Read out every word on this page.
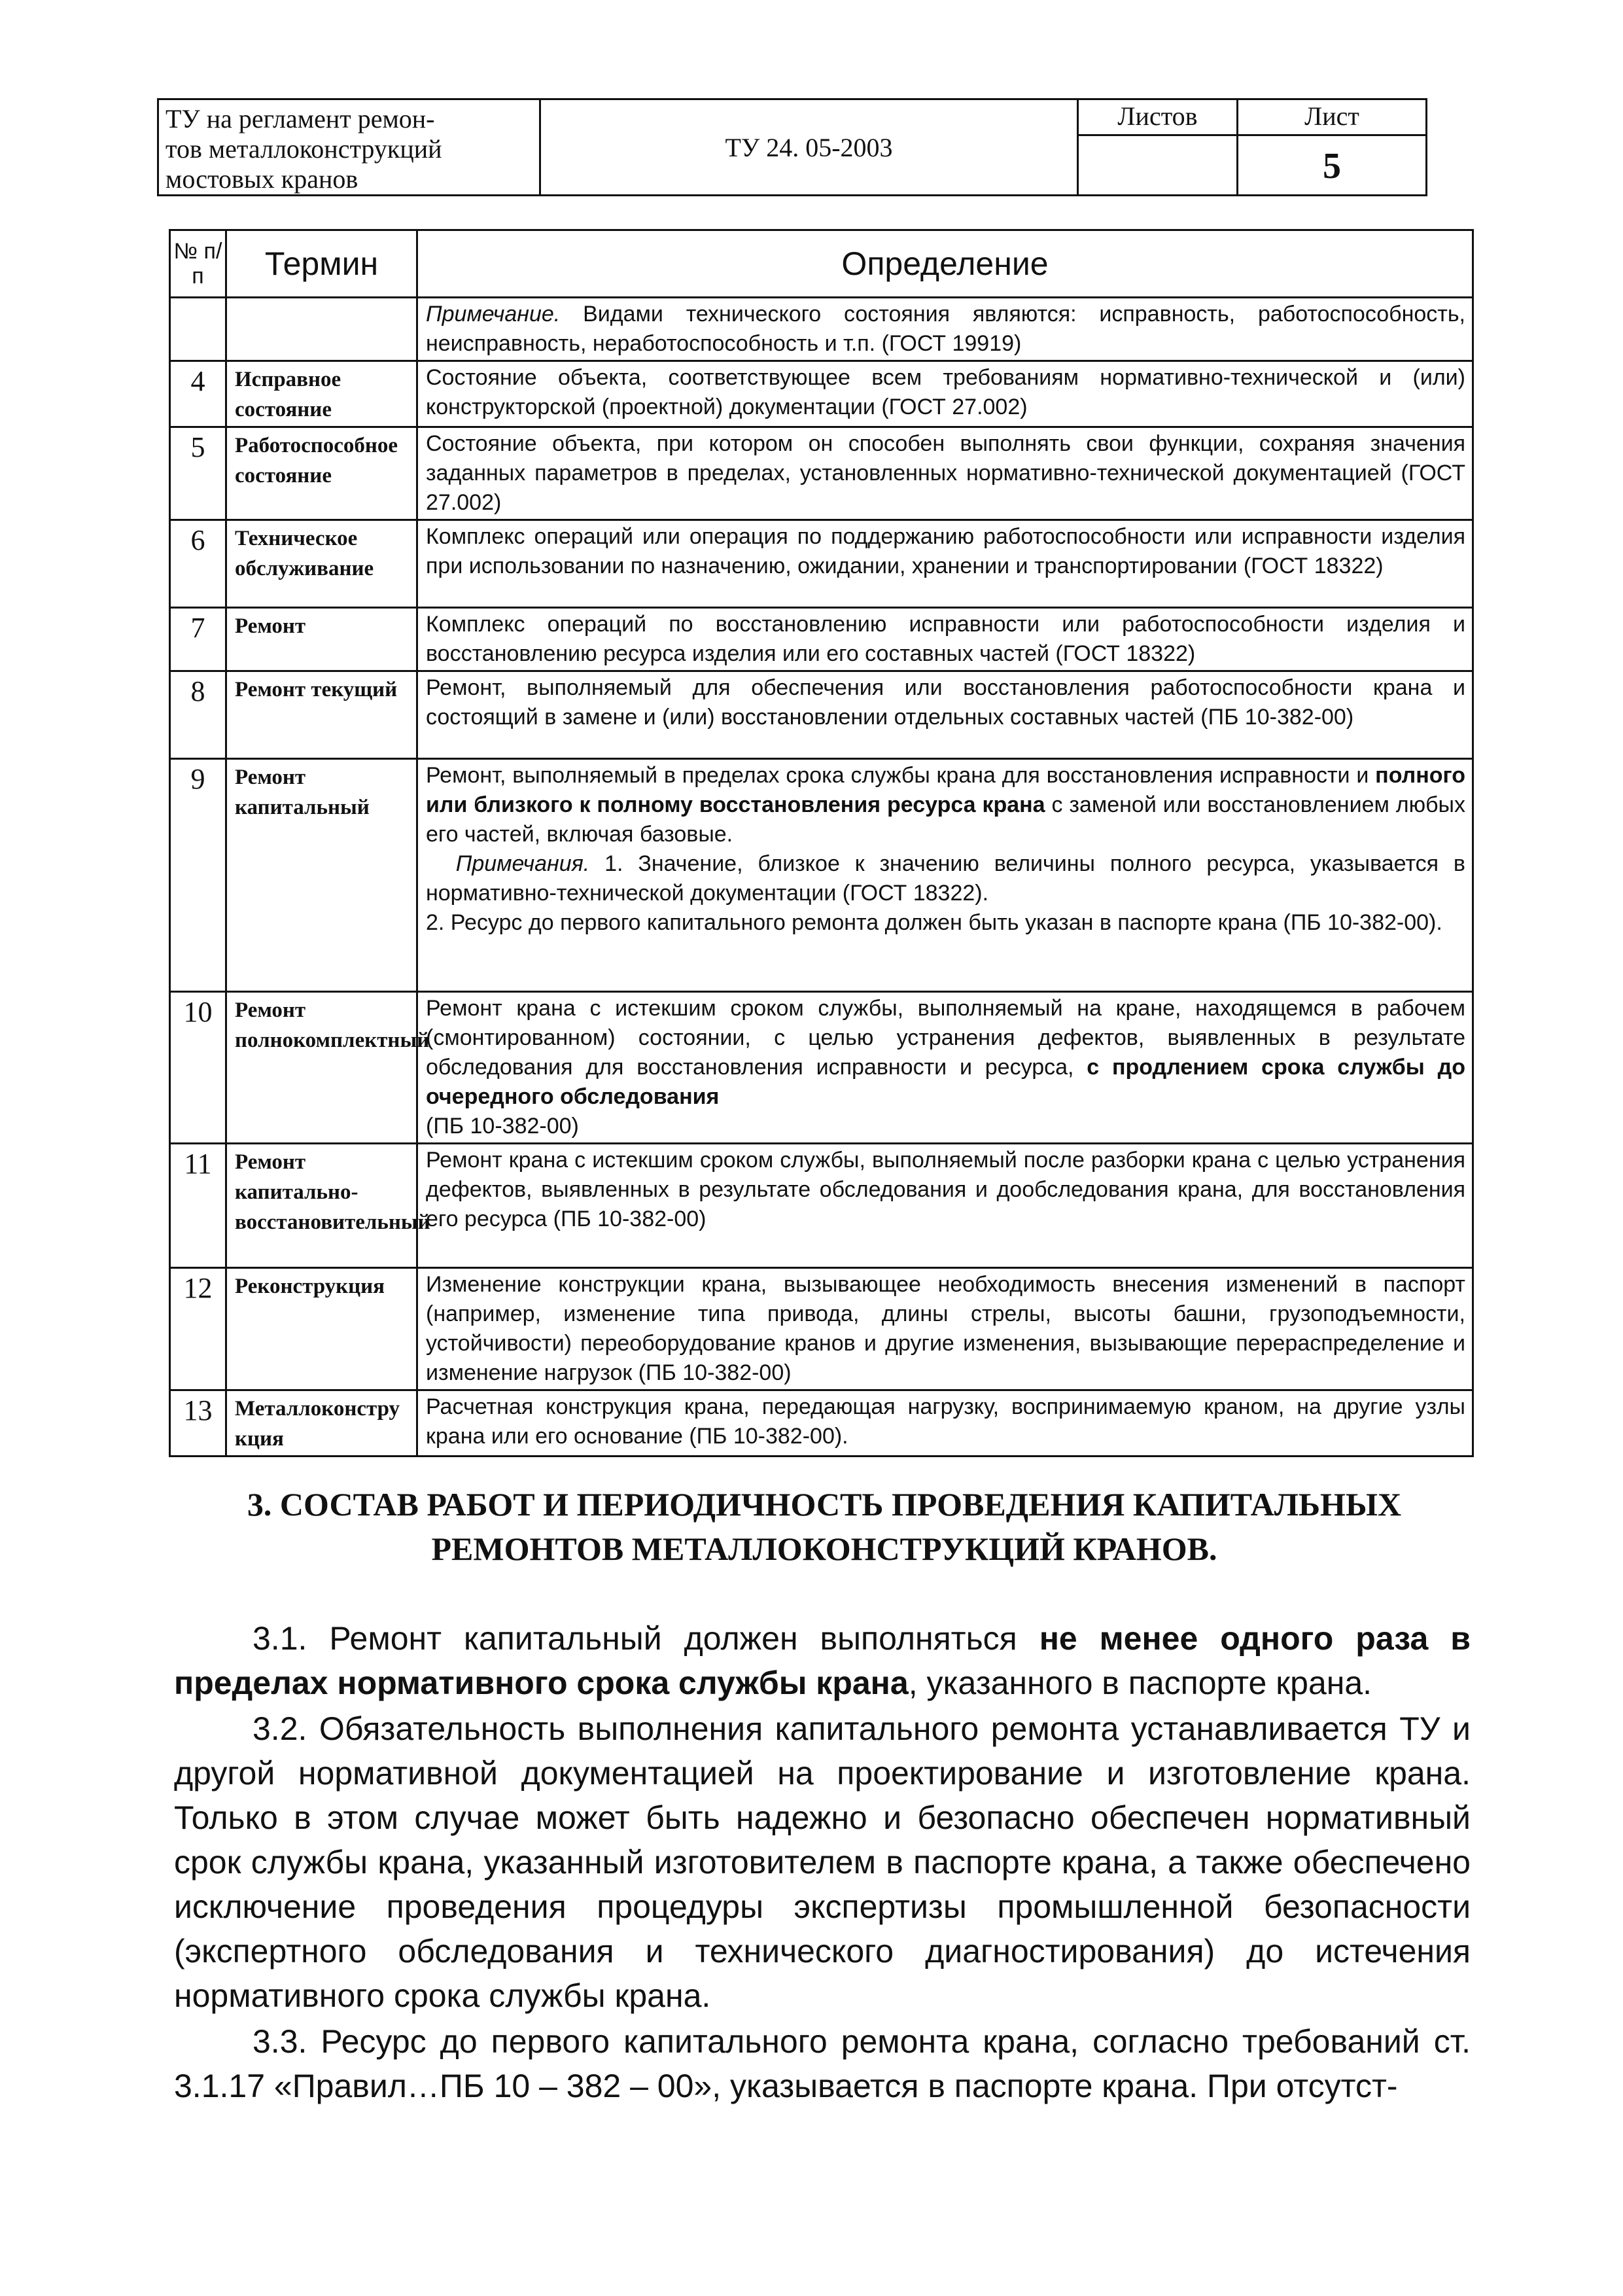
ТУ на регламент ремон-
тов металлоконструкций
мостовых кранов
ТУ 24. 05-2003
Листов	Лист
5
№ п/п	Термин	Определение
		Примечание. Видами технического состояния являются: исправность, работоспособность, неисправность, неработоспособность и т.п. (ГОСТ 19919)
4	Исправное состояние	Состояние объекта, соответствующее всем требованиям нормативно-технической и (или) конструкторской (проектной) документации (ГОСТ 27.002)
5	Работоспособное состояние	Состояние объекта, при котором он способен выполнять свои функции, сохраняя значения заданных параметров в пределах, установленных нормативно-технической документацией (ГОСТ 27.002)
6	Техническое обслуживание	Комплекс операций или операция по поддержанию работоспособности или исправности изделия при использовании по назначению, ожидании, хранении и транспортировании (ГОСТ 18322)
7	Ремонт	Комплекс операций по восстановлению исправности или работоспособности изделия и восстановлению ресурса изделия или его составных частей (ГОСТ 18322)
8	Ремонт текущий	Ремонт, выполняемый для обеспечения или восстановления работоспособности крана и состоящий в замене и (или) восстановлении отдельных составных частей (ПБ 10-382-00)
9	Ремонт капитальный	Ремонт, выполняемый в пределах срока службы крана для восстановления исправности и полного или близкого к полному восстановления ресурса крана с заменой или восстановлением любых его частей, включая базовые.

Примечания. 1. Значение, близкое к значению величины полного ресурса, указывается в нормативно-технической документации (ГОСТ 18322).

2. Ресурс до первого капитального ремонта должен быть указан в паспорте крана (ПБ 10-382-00).

10	Ремонт полнокомплектный	Ремонт крана с истекшим сроком службы, выполняемый на кране, находящемся в рабочем (смонтированном) состоянии, с целью устранения дефектов, выявленных в результате обследования для восстановления исправности и ресурса, с продлением срока службы до очередного обследования

(ПБ 10-382-00)

11	Ремонт капитально-восстановительный	Ремонт крана с истекшим сроком службы, выполняемый после разборки крана с целью устранения дефектов, выявленных в результате обследования и дообследования крана, для восстановления его ресурса (ПБ 10-382-00)
12	Реконструкция	Изменение конструкции крана, вызывающее необходимость внесения изменений в паспорт (например, изменение типа привода, длины стрелы, высоты башни, грузоподъемности, устойчивости) переоборудование кранов и другие изменения, вызывающие перераспределение и изменение нагрузок (ПБ 10-382-00)
13	Металлоконструкция	Расчетная конструкция крана, передающая нагрузку, воспринимаемую краном, на другие узлы крана или его основание (ПБ 10-382-00).
3. СОСТАВ РАБОТ И ПЕРИОДИЧНОСТЬ ПРОВЕДЕНИЯ КАПИТАЛЬНЫХ
РЕМОНТОВ МЕТАЛЛОКОНСТРУКЦИЙ КРАНОВ.

3.1. Ремонт капитальный должен выполняться не менее одного раза в пределах нормативного срока службы крана, указанного в паспорте крана.

3.2. Обязательность выполнения капитального ремонта устанавливается ТУ и другой нормативной документацией на проектирование и изготовление крана. Только в этом случае может быть надежно и безопасно обеспечен нормативный срок службы крана, указанный изготовителем в паспорте крана, а также обеспечено исключение проведения процедуры экспертизы промышленной безопасности (экспертного обследования и технического диагностирования) до истечения нормативного срока службы крана.

3.3. Ресурс до первого капитального ремонта крана, согласно требований ст. 3.1.17 «Правил…ПБ 10 – 382 – 00», указывается в паспорте крана. При отсутст-
